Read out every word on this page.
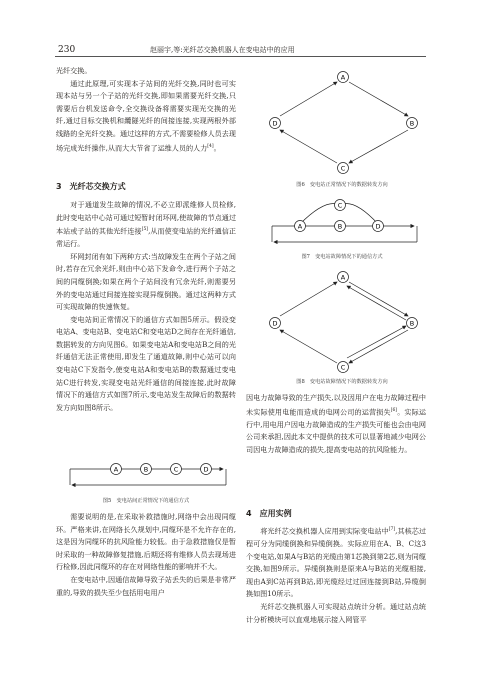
230	赵丽宇,等:光纤芯交换机器人在变电站中的应用

光纤交换。

通过此原理,可实现本子站间的光纤交换,同时也可实现本站与另一个子站的光纤交换,即如果需要光纤交换,只需要后台机发送命令,全交换设备将需要实现光交换的光纤,通过目标交换机和纜隧光纤的间接连接,实现两根外部线路的全光纤交换。通过这样的方式,不需要检修人员去现场完成光纤操作,从而大大节省了运维人员的人力[4]。

3　光纤芯交换方式

对于通道发生故障的情况,不必立即派维修人员检修,此时变电站中心站可通过短暂时闭环网,使故障的节点通过本站或子站的其他光纤连接[5],从而使变电站的光纤通信正常运行。

环网封闭有如下两种方式:当故障发生在两个子站之间时,若存在冗余光纤,则由中心站下发命令,进行两个子站之间的同缆倒换;如果在两个子站间没有冗余光纤,则需要另外的变电站通过间接连接实现异缆倒换。通过这两种方式可实现故障的快速恢复。

变电站间正常情况下的通信方式如图5所示。假设变电站A、变电站B、变电站C和变电站D之间存在光纤通信,数据转发的方向见图6。如果变电站A和变电站B之间的光纤通信无法正常使用,即发生了通道故障,则中心站可以向变电站C下发指令,使变电站A和变电站B的数据通过变电站C进行转发,实现变电站光纤通信的间接连接,此时故障情况下的通信方式如图7所示,变电站发生故障后的数据转发方向如图8所示。

A	B	C	D
图5　变电站间正常情况下的通信方式

需要说明的是,在采取补救措施时,网络中会出现同缆环。严格来讲,在网络长久规划中,同缆环是不允许存在的,这是因为同缆环的抗风险能力较低。由于急救措施仅是暂时采取的一种故障修复措施,后期还将有维修人员去现场进行检修,因此同缆环的存在对网络性能的影响并不大。

在变电站中,因通信故障导致子站丢失的后果是非常严重的,导致的损失至少包括用电用户

A
B
C
D
图6　变电站正常情况下的数据转发方向
A	B
C
D
图7　变电站故障情况下的通信方式
A
B
C
D
图8　变电站故障情况下的数据转发方向

因电力故障导致的生产损失,以及因用户在电力故障过程中未实际使用电能而造成的电网公司的运营损失[6]。实际运行中,用电用户因电力故障造成的生产损失可能也会由电网公司来承担,因此本文中提供的技术可以显著地减少电网公司因电力故障造成的损失,提高变电站的抗风险能力。

4　应用实例

将光纤芯交换机器人应用到实际变电站中[7],其核芯过程可分为同缆倒换和异缆倒换。实际应用在A、B、C这3个变电站,如果A与B站的光缆由第1芯换到第2芯,则为同缆交换,如图9所示。异缆倒换则是原来A与B站的光缆相接,现由A到C站再到B站,即光缆经过过回连接到B站,异缆倒换如图10所示。

光纤芯交换机器人可实现站点统计分析。通过站点统计分析模块可以直观地展示接入网管平
